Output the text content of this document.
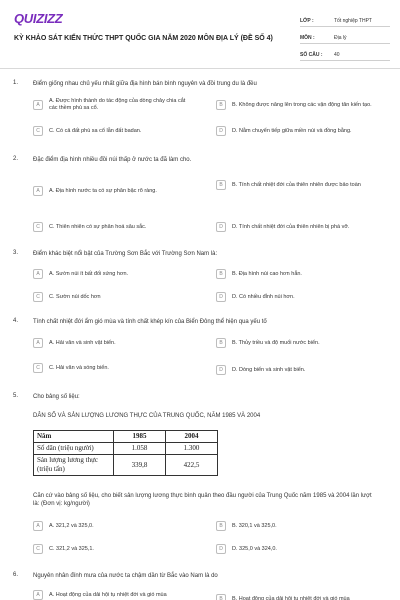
QUIZIZZ
KỲ KHẢO SÁT KIẾN THỨC THPT QUỐC GIA NĂM 2020 MÔN ĐỊA LÝ (ĐỀ SỐ 4)
LỚP :	Tốt nghiệp THPT
MÔN :	Địa lý
SỐ CÂU :	40
1. Điểm giống nhau chủ yếu nhất giữa địa hình bán bình nguyên và đồi trung du là đều
A
A. Được hình thành do tác động của dòng chảy chia cắt các thềm phù sa cổ.	B	B. Không được nâng lên trong các vận động tân kiến tạo.
C	C. Có cả đất phù sa cổ lẫn đất badan.	D	D. Nằm chuyển tiếp giữa miền núi và đồng bằng.
2. Đặc điểm địa hình nhiều đồi núi thấp ở nước ta đã làm cho.
A	A. Địa hình nước ta có sự phân bậc rõ ràng.
B	B. Tính chất nhiệt đới của thiên nhiên được bảo toàn
C	C. Thiên nhiên có sự phân hoá sâu sắc.	D	D. Tính chất nhiệt đới của thiên nhiên bị phá vỡ.
3. Điểm khác biệt nổi bật của Trường Sơn Bắc với Trường Sơn Nam là:
A	A. Sườn núi ít bất đối xứng hơn.	B	B. Địa hình núi cao hơn hẳn.
C	C. Sườn núi dốc hơn	D	D. Có nhiều đỉnh núi hơn.
4. Tính chất nhiệt đới ẩm gió mùa và tính chất khép kín của Biển Đông thể hiện qua yếu tố
A	A. Hải văn và sinh vật biển.	B	B. Thủy triều và độ muối nước biển.
C	C. Hải văn và sóng biển.	D	D. Dòng biển và sinh vật biển.
5. Cho bảng số liệu:
DÂN SỐ VÀ SẢN LƯỢNG LƯƠNG THỰC CỦA TRUNG QUỐC, NĂM 1985 VÀ 2004
Năm	1985	2004
Số dân (triệu người)	1.058	1.300
Sản lượng lương thực (triệu tấn)	339,8	422,5
Căn cứ vào bảng số liệu, cho biết sản lượng lương thực bình quân theo đầu người của Trung Quốc năm 1985 và 2004 lần lượt là: (Đơn vị: kg/người)
A	A. 321,2 và 325,0.	B	B. 320,1 và 325,0.
C	C. 321,2 và 325,1.	D	D. 325,0 và 324,0.
6. Nguyên nhân đính mưa của nước ta chậm dần từ Bắc vào Nam là do
A	A. Hoạt động của dải hội tụ nhiệt đới và gió mùa
B	B. Hoạt động của dải hội tụ nhiệt đới và gió mùa
